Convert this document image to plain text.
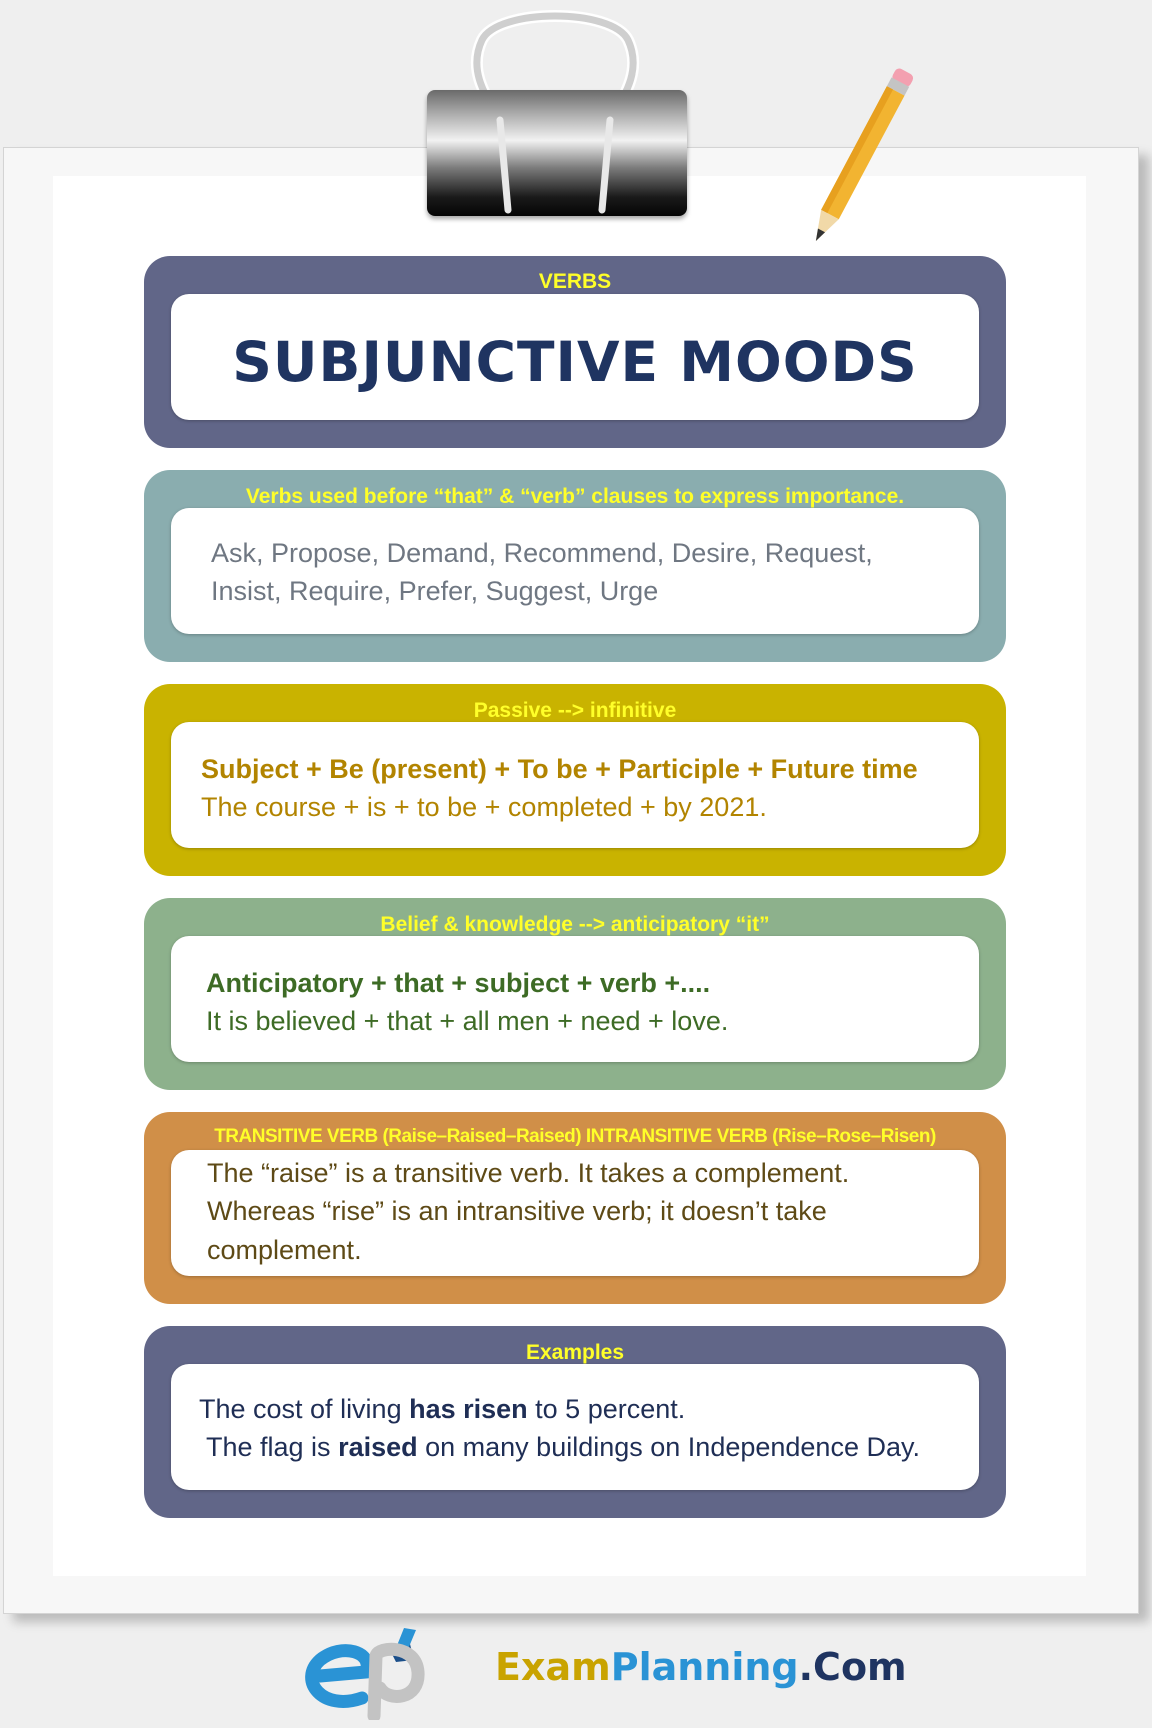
VERBS
SUBJUNCTIVE MOODS
Verbs used before “that” & “verb” clauses to express importance.
Ask, Propose, Demand, Recommend, Desire, Request,
Insist, Require, Prefer, Suggest, Urge
Passive --> infinitive
Subject + Be (present) + To be + Participle + Future time
The course + is + to be + completed + by 2021.
Belief & knowledge --> anticipatory “it”
Anticipatory + that + subject + verb +....
It is believed + that + all men + need + love.
TRANSITIVE VERB (Raise–Raised–Raised) INTRANSITIVE VERB (Rise–Rose–Risen)
The “raise” is a transitive verb. It takes a complement.
Whereas “rise” is an intransitive verb; it doesn’t take
complement.
Examples
The cost of living has risen to 5 percent.
The flag is raised on many buildings on Independence Day.
ExamPlanning.Com
